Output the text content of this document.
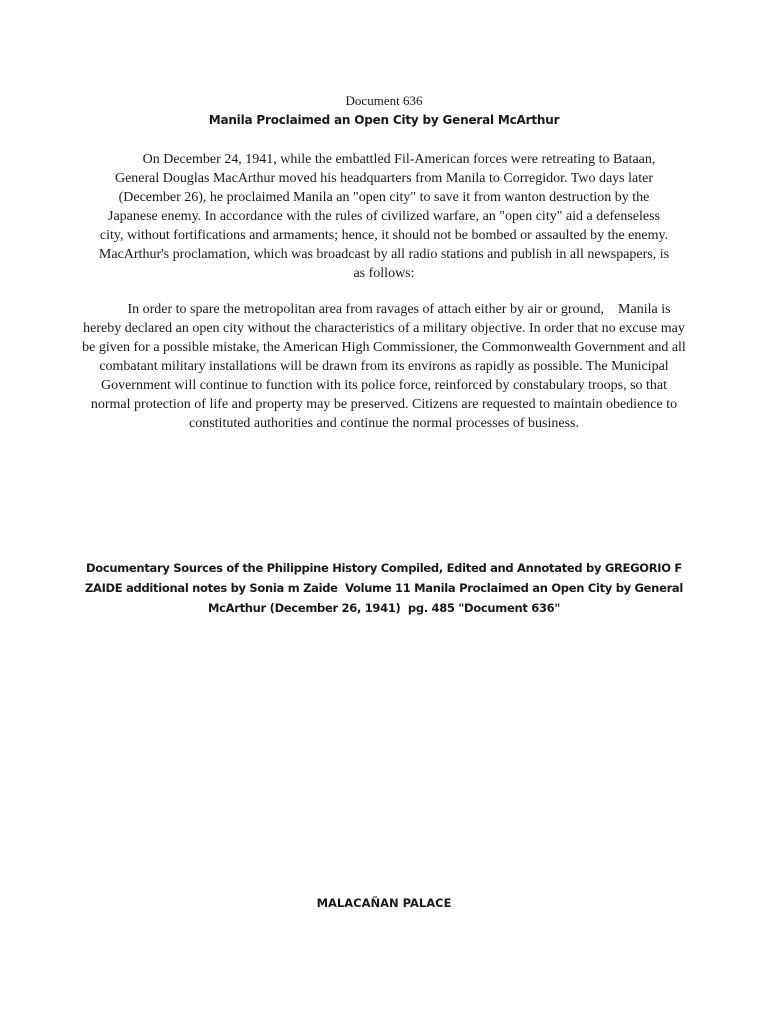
Document 636
Manila Proclaimed an Open City by General McArthur

On December 24, 1941, while the embattled Fil-American forces were retreating to Bataan, General Douglas MacArthur moved his headquarters from Manila to Corregidor. Two days later (December 26), he proclaimed Manila an "open city" to save it from wanton destruction by the Japanese enemy. In accordance with the rules of civilized warfare, an "open city" aid a defenseless city, without fortifications and armaments; hence, it should not be bombed or assaulted by the enemy. MacArthur's proclamation, which was broadcast by all radio stations and publish in all newspapers, is as follows:

In order to spare the metropolitan area from ravages of attach either by air or ground,    Manila is hereby declared an open city without the characteristics of a military objective. In order that no excuse may be given for a possible mistake, the American High Commissioner, the Commonwealth Government and all combatant military installations will be drawn from its environs as rapidly as possible. The Municipal Government will continue to function with its police force, reinforced by constabulary troops, so that normal protection of life and property may be preserved. Citizens are requested to maintain obedience to constituted authorities and continue the normal processes of business.

Documentary Sources of the Philippine History Compiled, Edited and Annotated by GREGORIO F ZAIDE additional notes by Sonia m Zaide  Volume 11 Manila Proclaimed an Open City by General McArthur (December 26, 1941)  pg. 485 "Document 636"

MALACAÑAN PALACE
